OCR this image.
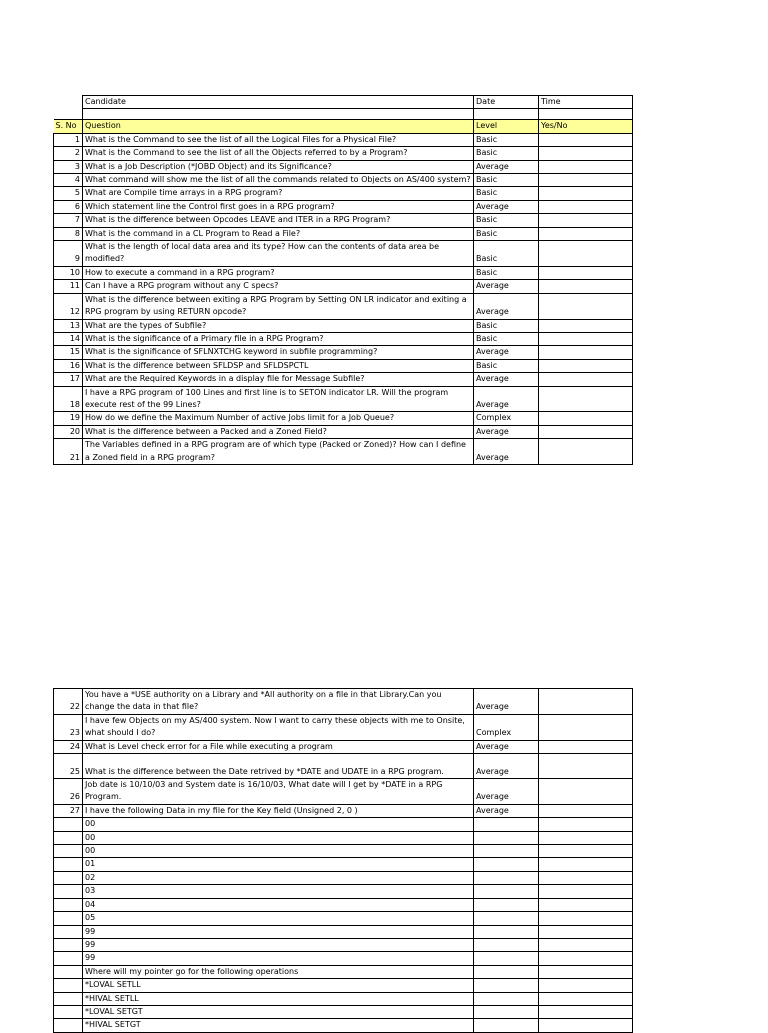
	Candidate	Date	Time

S. No	Question	Level	Yes/No
1	What is the Command to see the list of all the Logical Files for a Physical File?	Basic	
2	What is the Command to see the list of all the Objects referred to by a Program?	Basic	
3	What is a Job Description (*JOBD Object) and its Significance?	Average	
4	What command will show me the list of all the commands related to Objects on AS/400 system?	Basic	
5	What are Compile time arrays in a RPG program?	Basic	
6	Which statement line the Control first goes in a RPG program?	Average	
7	What is the difference between Opcodes LEAVE and ITER in a RPG Program?	Basic	
8	What is the command in a CL Program to Read a File?	Basic	
9	What is the length of local data area and its type? How can the contents of data area be modified?	Basic	
10	How to execute a command in a RPG program?	Basic	
11	Can I have a RPG program without any C specs?	Average	
12	What is the difference between exiting a RPG Program by Setting ON LR indicator and exiting a RPG program by using RETURN opcode?	Average	
13	What are the types of Subfile?	Basic	
14	What is the significance of a Primary file in a RPG Program?	Basic	
15	What is the significance of SFLNXTCHG keyword in subfile programming?	Average	
16	What is the difference between SFLDSP and SFLDSPCTL	Basic	
17	What are the Required Keywords in a display file for Message Subfile?	Average	
18	I have a RPG program of 100 Lines and first line is to SETON indicator LR. Will the program execute rest of the 99 Lines?	Average	
19	How do we define the Maximum Number of active Jobs limit for a Job Queue?	Complex	
20	What is the difference between a Packed and a Zoned Field?	Average	
21	The Variables defined in a RPG program are of which type (Packed or Zoned)? How can I define a Zoned field in a RPG program?	Average	
22	You have a *USE authority on a Library and *All authority on a file in that Library.Can you change the data in that file?	Average	
23	I have few Objects on my AS/400 system. Now I want to carry these objects with me to Onsite, what should I do?	Complex	
24	What is Level check error for a File while executing a program	Average	
25	What is the difference between the Date retrived by *DATE and UDATE in a RPG program.	Average	
26	Job date is 10/10/03 and System date is 16/10/03, What date will I get by *DATE in a RPG Program.	Average	
27	I have the following Data in my file for the Key field (Unsigned 2, 0 )	Average	
	00		
	00		
	00		
	01		
	02		
	03		
	04		
	05		
	99		
	99		
	99		
	Where will my pointer go for the following operations		
	*LOVAL SETLL		
	*HIVAL SETLL		
	*LOVAL SETGT		
	*HIVAL SETGT		
